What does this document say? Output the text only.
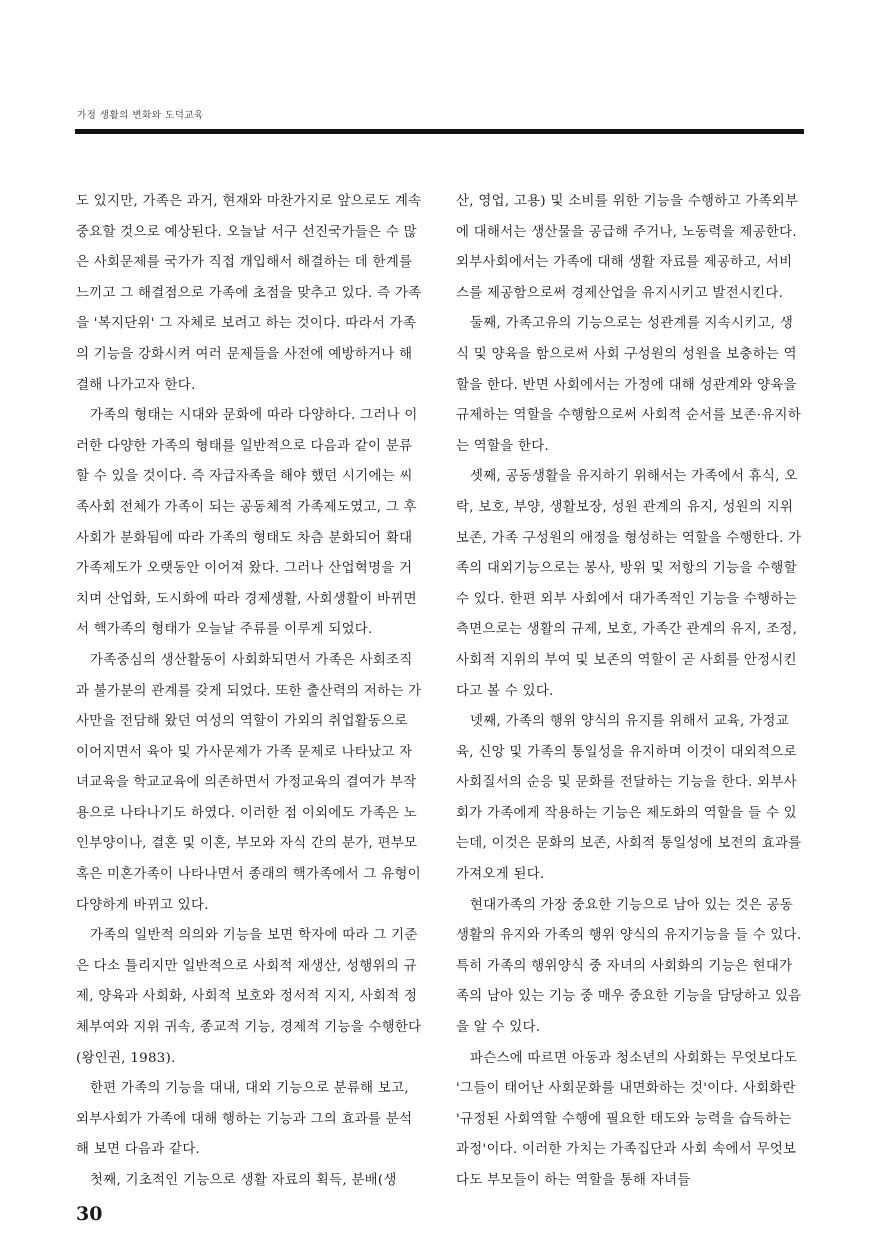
가정 생활의 변화와 도덕교육

도 있지만, 가족은 과거, 현재와 마찬가지로 앞으로도 계속 중요할 것으로 예상된다. 오늘날 서구 선진국가들은 수 많은 사회문제를 국가가 직접 개입해서 해결하는 데 한계를 느끼고 그 해결점으로 가족에 초점을 맞추고 있다. 즉 가족을 '복지단위' 그 자체로 보려고 하는 것이다. 따라서 가족의 기능을 강화시켜 여러 문제들을 사전에 예방하거나 해결해 나가고자 한다.

가족의 형태는 시대와 문화에 따라 다양하다. 그러나 이러한 다양한 가족의 형태를 일반적으로 다음과 같이 분류할 수 있을 것이다. 즉 자급자족을 해야 했던 시기에는 씨족사회 전체가 가족이 되는 공동체적 가족제도였고, 그 후 사회가 분화됨에 따라 가족의 형태도 차츰 분화되어 확대 가족제도가 오랫동안 이어져 왔다. 그러나 산업혁명을 거치며 산업화, 도시화에 따라 경제생활, 사회생활이 바뀌면서 핵가족의 형태가 오늘날 주류를 이루게 되었다.

가족중심의 생산활동이 사회화되면서 가족은 사회조직과 불가분의 관계를 갖게 되었다. 또한 출산력의 저하는 가사만을 전담해 왔던 여성의 역할이 가외의 취업활동으로 이어지면서 육아 및 가사문제가 가족 문제로 나타났고 자녀교육을 학교교육에 의존하면서 가정교육의 결여가 부작용으로 나타나기도 하였다. 이러한 점 이외에도 가족은 노인부양이나, 결혼 및 이혼, 부모와 자식 간의 분가, 편부모 혹은 미혼가족이 나타나면서 종래의 핵가족에서 그 유형이 다양하게 바뀌고 있다.

가족의 일반적 의의와 기능을 보면 학자에 따라 그 기준은 다소 틀리지만 일반적으로 사회적 재생산, 성행위의 규제, 양육과 사회화, 사회적 보호와 정서적 지지, 사회적 정체부여와 지위 귀속, 종교적 기능, 경제적 기능을 수행한다(왕인권, 1983).

한편 가족의 기능을 대내, 대외 기능으로 분류해 보고, 외부사회가 가족에 대해 행하는 기능과 그의 효과를 분석해 보면 다음과 같다.

첫째, 기초적인 기능으로 생활 자료의 획득, 분배(생

산, 영업, 고용) 및 소비를 위한 기능을 수행하고 가족외부에 대해서는 생산물을 공급해 주거나, 노동력을 제공한다. 외부사회에서는 가족에 대해 생활 자료를 제공하고, 서비스를 제공함으로써 경제산업을 유지시키고 발전시킨다.

둘째, 가족고유의 기능으로는 성관계를 지속시키고, 생식 및 양육을 함으로써 사회 구성원의 성원을 보충하는 역할을 한다. 반면 사회에서는 가정에 대해 성관계와 양육을 규제하는 역할을 수행함으로써 사회적 순서를 보존·유지하는 역할을 한다.

셋째, 공동생활을 유지하기 위해서는 가족에서 휴식, 오락, 보호, 부양, 생활보장, 성원 관계의 유지, 성원의 지위 보존, 가족 구성원의 애정을 형성하는 역할을 수행한다. 가족의 대외기능으로는 봉사, 방위 및 저항의 기능을 수행할 수 있다. 한편 외부 사회에서 대가족적인 기능을 수행하는 측면으로는 생활의 규제, 보호, 가족간 관계의 유지, 조정, 사회적 지위의 부여 및 보존의 역할이 곧 사회를 안정시킨다고 볼 수 있다.

넷째, 가족의 행위 양식의 유지를 위해서 교육, 가정교육, 신앙 및 가족의 통일성을 유지하며 이것이 대외적으로 사회질서의 순응 및 문화를 전달하는 기능을 한다. 외부사회가 가족에게 작용하는 기능은 제도화의 역할을 들 수 있는데, 이것은 문화의 보존, 사회적 통일성에 보전의 효과를 가져오게 된다.

현대가족의 가장 중요한 기능으로 남아 있는 것은 공동생활의 유지와 가족의 행위 양식의 유지기능을 들 수 있다. 특히 가족의 행위양식 중 자녀의 사회화의 기능은 현대가족의 남아 있는 기능 중 매우 중요한 기능을 담당하고 있음을 알 수 있다.

파슨스에 따르면 아동과 청소년의 사회화는 무엇보다도 '그들이 태어난 사회문화를 내면화하는 것'이다. 사회화란 '규정된 사회역할 수행에 필요한 태도와 능력을 습득하는 과정'이다. 이러한 가치는 가족집단과 사회 속에서 무엇보다도 부모들이 하는 역할을 통해 자녀들

30
